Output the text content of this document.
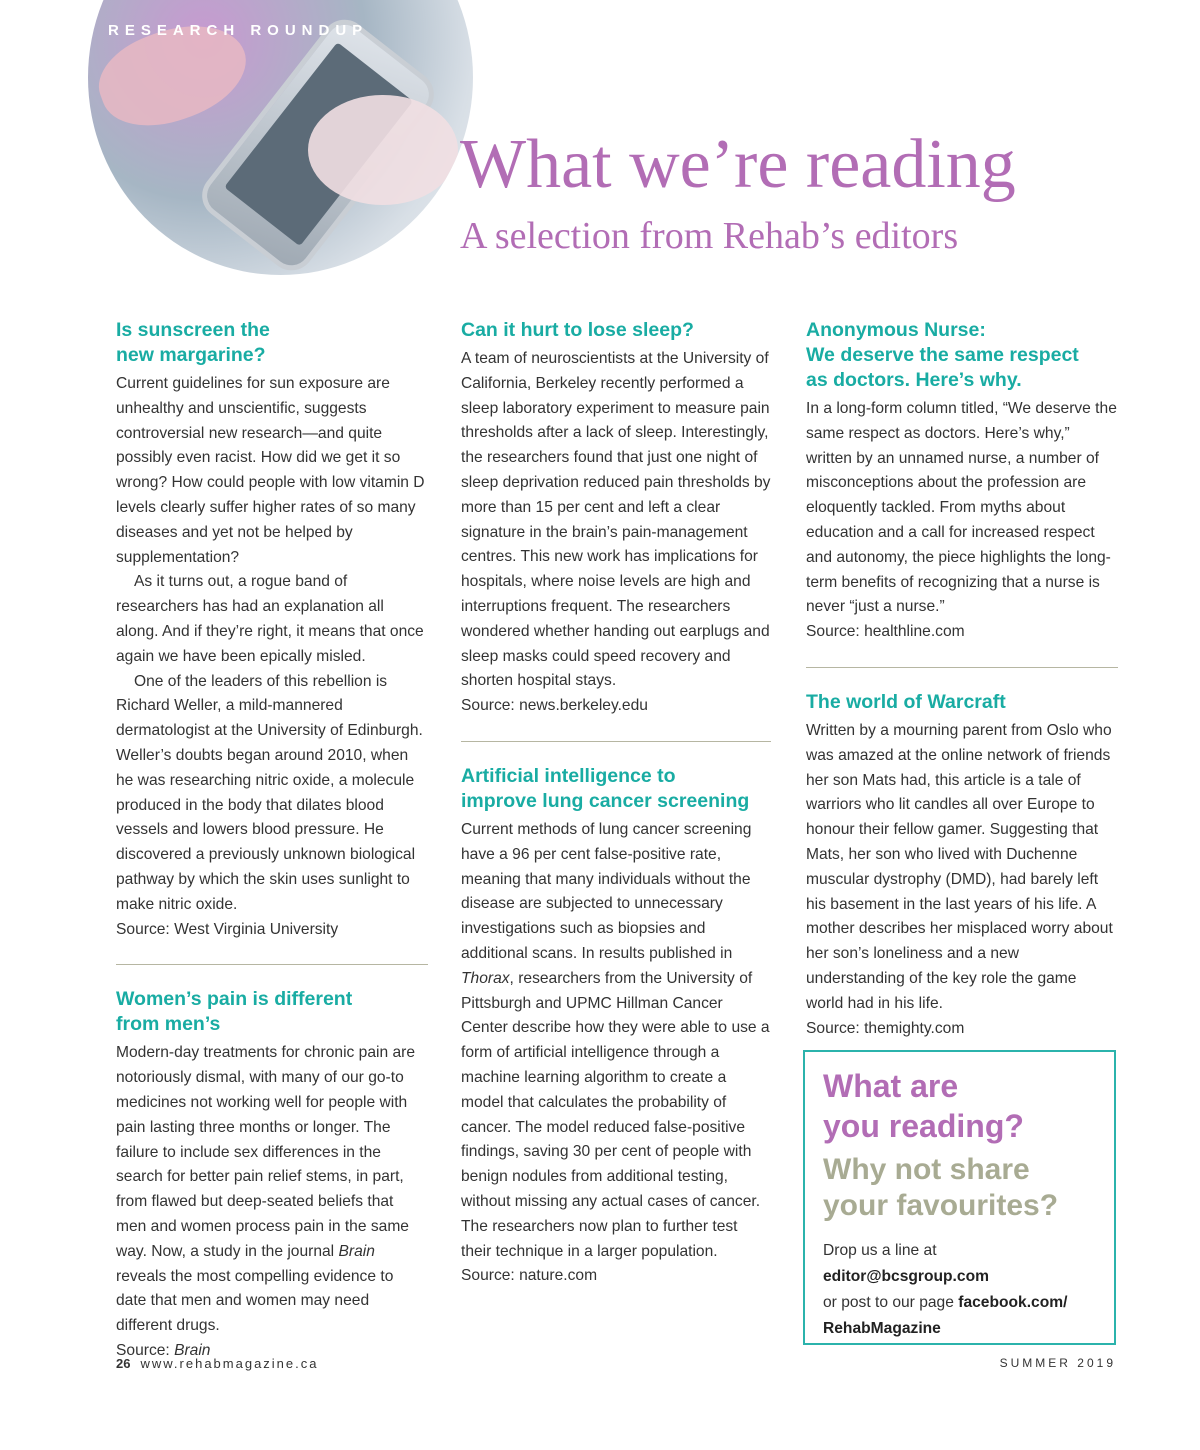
RESEARCH ROUNDUP
What we’re reading
A selection from Rehab’s editors
Is sunscreen the
new margarine?

Current guidelines for sun exposure are unhealthy and unscientific, suggests controversial new research—and quite possibly even racist. How did we get it so wrong? How could people with low vitamin D levels clearly suffer higher rates of so many diseases and yet not be helped by supplementation?

As it turns out, a rogue band of researchers has had an explanation all along. And if they’re right, it means that once again we have been epically misled.

One of the leaders of this rebellion is Richard Weller, a mild-mannered dermatologist at the University of Edinburgh. Weller’s doubts began around 2010, when he was researching nitric oxide, a molecule produced in the body that dilates blood vessels and lowers blood pressure. He discovered a previously unknown biological pathway by which the skin uses sunlight to make nitric oxide.

Source: West Virginia University

Women’s pain is different
from men’s

Modern-day treatments for chronic pain are notoriously dismal, with many of our go-to medicines not working well for people with pain lasting three months or longer. The failure to include sex differences in the search for better pain relief stems, in part, from flawed but deep-seated beliefs that men and women process pain in the same way. Now, a study in the journal Brain reveals the most compelling evidence to date that men and women may need different drugs.

Source: Brain

Can it hurt to lose sleep?

A team of neuroscientists at the University of California, Berkeley recently performed a sleep laboratory experiment to measure pain thresholds after a lack of sleep. Interestingly, the researchers found that just one night of sleep deprivation reduced pain thresholds by more than 15 per cent and left a clear signature in the brain’s pain-management centres. This new work has implications for hospitals, where noise levels are high and interruptions frequent. The researchers wondered whether handing out earplugs and sleep masks could speed recovery and shorten hospital stays.

Source: news.berkeley.edu

Artificial intelligence to
improve lung cancer screening

Current methods of lung cancer screening have a 96 per cent false-positive rate, meaning that many individuals without the disease are subjected to unnecessary investigations such as biopsies and additional scans. In results published in Thorax, researchers from the University of Pittsburgh and UPMC Hillman Cancer Center describe how they were able to use a form of artificial intelligence through a machine learning algorithm to create a model that calculates the probability of cancer. The model reduced false-positive findings, saving 30 per cent of people with benign nodules from additional testing, without missing any actual cases of cancer. The researchers now plan to further test their technique in a larger population.

Source: nature.com

Anonymous Nurse:
We deserve the same respect
as doctors. Here’s why.

In a long-form column titled, “We deserve the same respect as doctors. Here’s why,” written by an unnamed nurse, a number of misconceptions about the profession are eloquently tackled. From myths about education and a call for increased respect and autonomy, the piece highlights the long-term benefits of recognizing that a nurse is never “just a nurse.”

Source: healthline.com

The world of Warcraft

Written by a mourning parent from Oslo who was amazed at the online network of friends her son Mats had, this article is a tale of warriors who lit candles all over Europe to honour their fellow gamer. Suggesting that Mats, her son who lived with Duchenne muscular dystrophy (DMD), had barely left his basement in the last years of his life. A mother describes her misplaced worry about her son’s loneliness and a new understanding of the key role the game world had in his life.

Source: themighty.com

What are
you reading?
Why not share
your favourites?

Drop us a line at

editor@bcsgroup.com

or post to our page facebook.com/
RehabMagazine

26 www.rehabmagazine.ca	SUMMER 2019
